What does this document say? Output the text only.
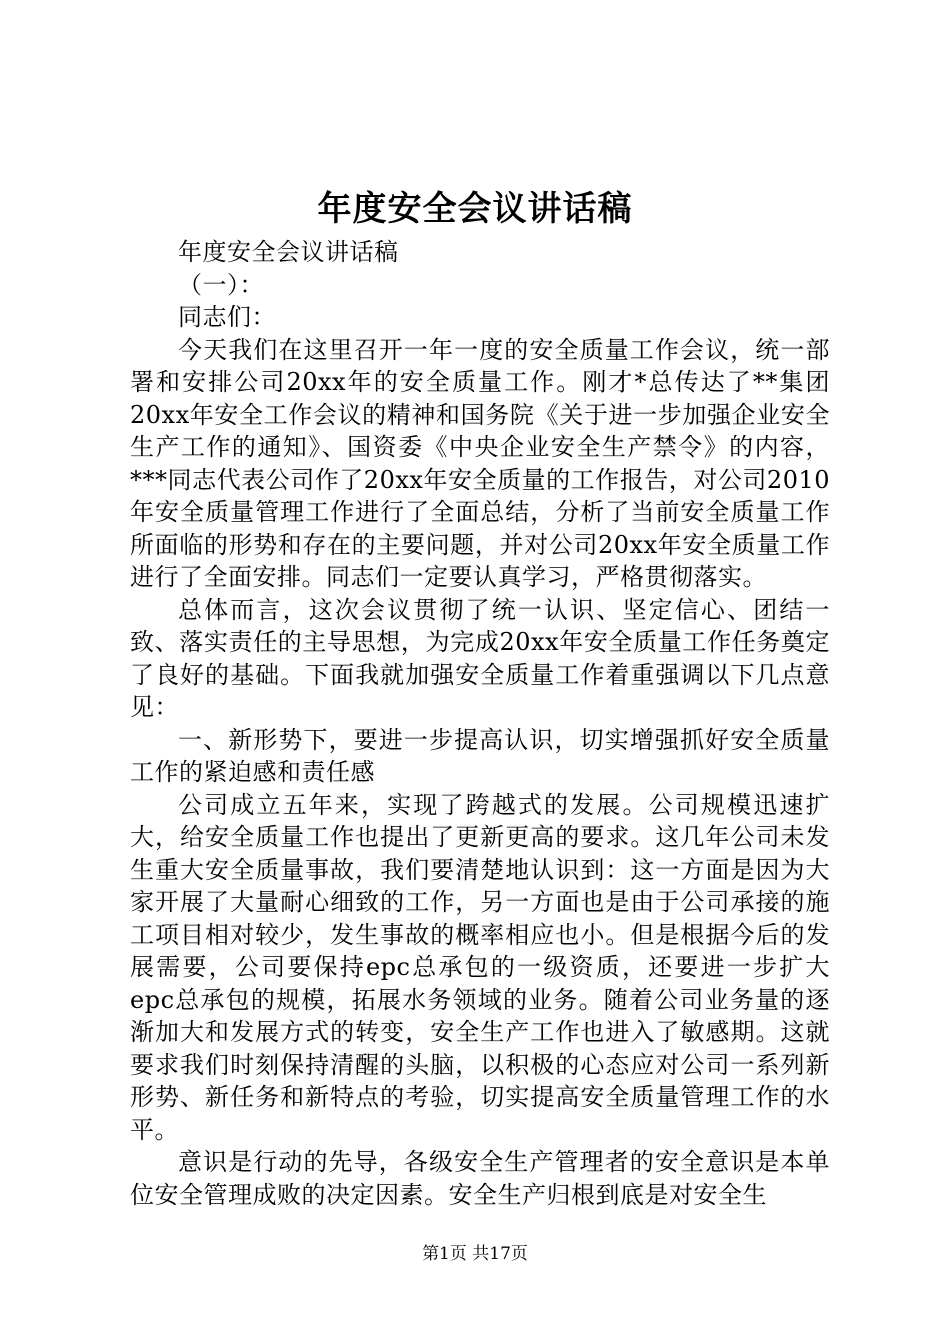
年度安全会议讲话稿

年度安全会议讲话稿

（一）：

同志们：

今天我们在这里召开一年一度的安全质量工作会议，统一部署和安排公司20xx年的安全质量工作。刚才*总传达了**集团20xx年安全工作会议的精神和国务院《关于进一步加强企业安全生产工作的通知》、国资委《中央企业安全生产禁令》的内容，***同志代表公司作了20xx年安全质量的工作报告，对公司2010年安全质量管理工作进行了全面总结，分析了当前安全质量工作所面临的形势和存在的主要问题，并对公司20xx年安全质量工作进行了全面安排。同志们一定要认真学习，严格贯彻落实。

总体而言，这次会议贯彻了统一认识、坚定信心、团结一致、落实责任的主导思想，为完成20xx年安全质量工作任务奠定了良好的基础。下面我就加强安全质量工作着重强调以下几点意见：

一、新形势下，要进一步提高认识，切实增强抓好安全质量工作的紧迫感和责任感

公司成立五年来，实现了跨越式的发展。公司规模迅速扩大，给安全质量工作也提出了更新更高的要求。这几年公司未发生重大安全质量事故，我们要清楚地认识到：这一方面是因为大家开展了大量耐心细致的工作，另一方面也是由于公司承接的施工项目相对较少，发生事故的概率相应也小。但是根据今后的发展需要，公司要保持epc总承包的一级资质，还要进一步扩大epc总承包的规模，拓展水务领域的业务。随着公司业务量的逐渐加大和发展方式的转变，安全生产工作也进入了敏感期。这就要求我们时刻保持清醒的头脑，以积极的心态应对公司一系列新形势、新任务和新特点的考验，切实提高安全质量管理工作的水平。

意识是行动的先导，各级安全生产管理者的安全意识是本单位安全管理成败的决定因素。安全生产归根到底是对安全生

第1页 共17页
